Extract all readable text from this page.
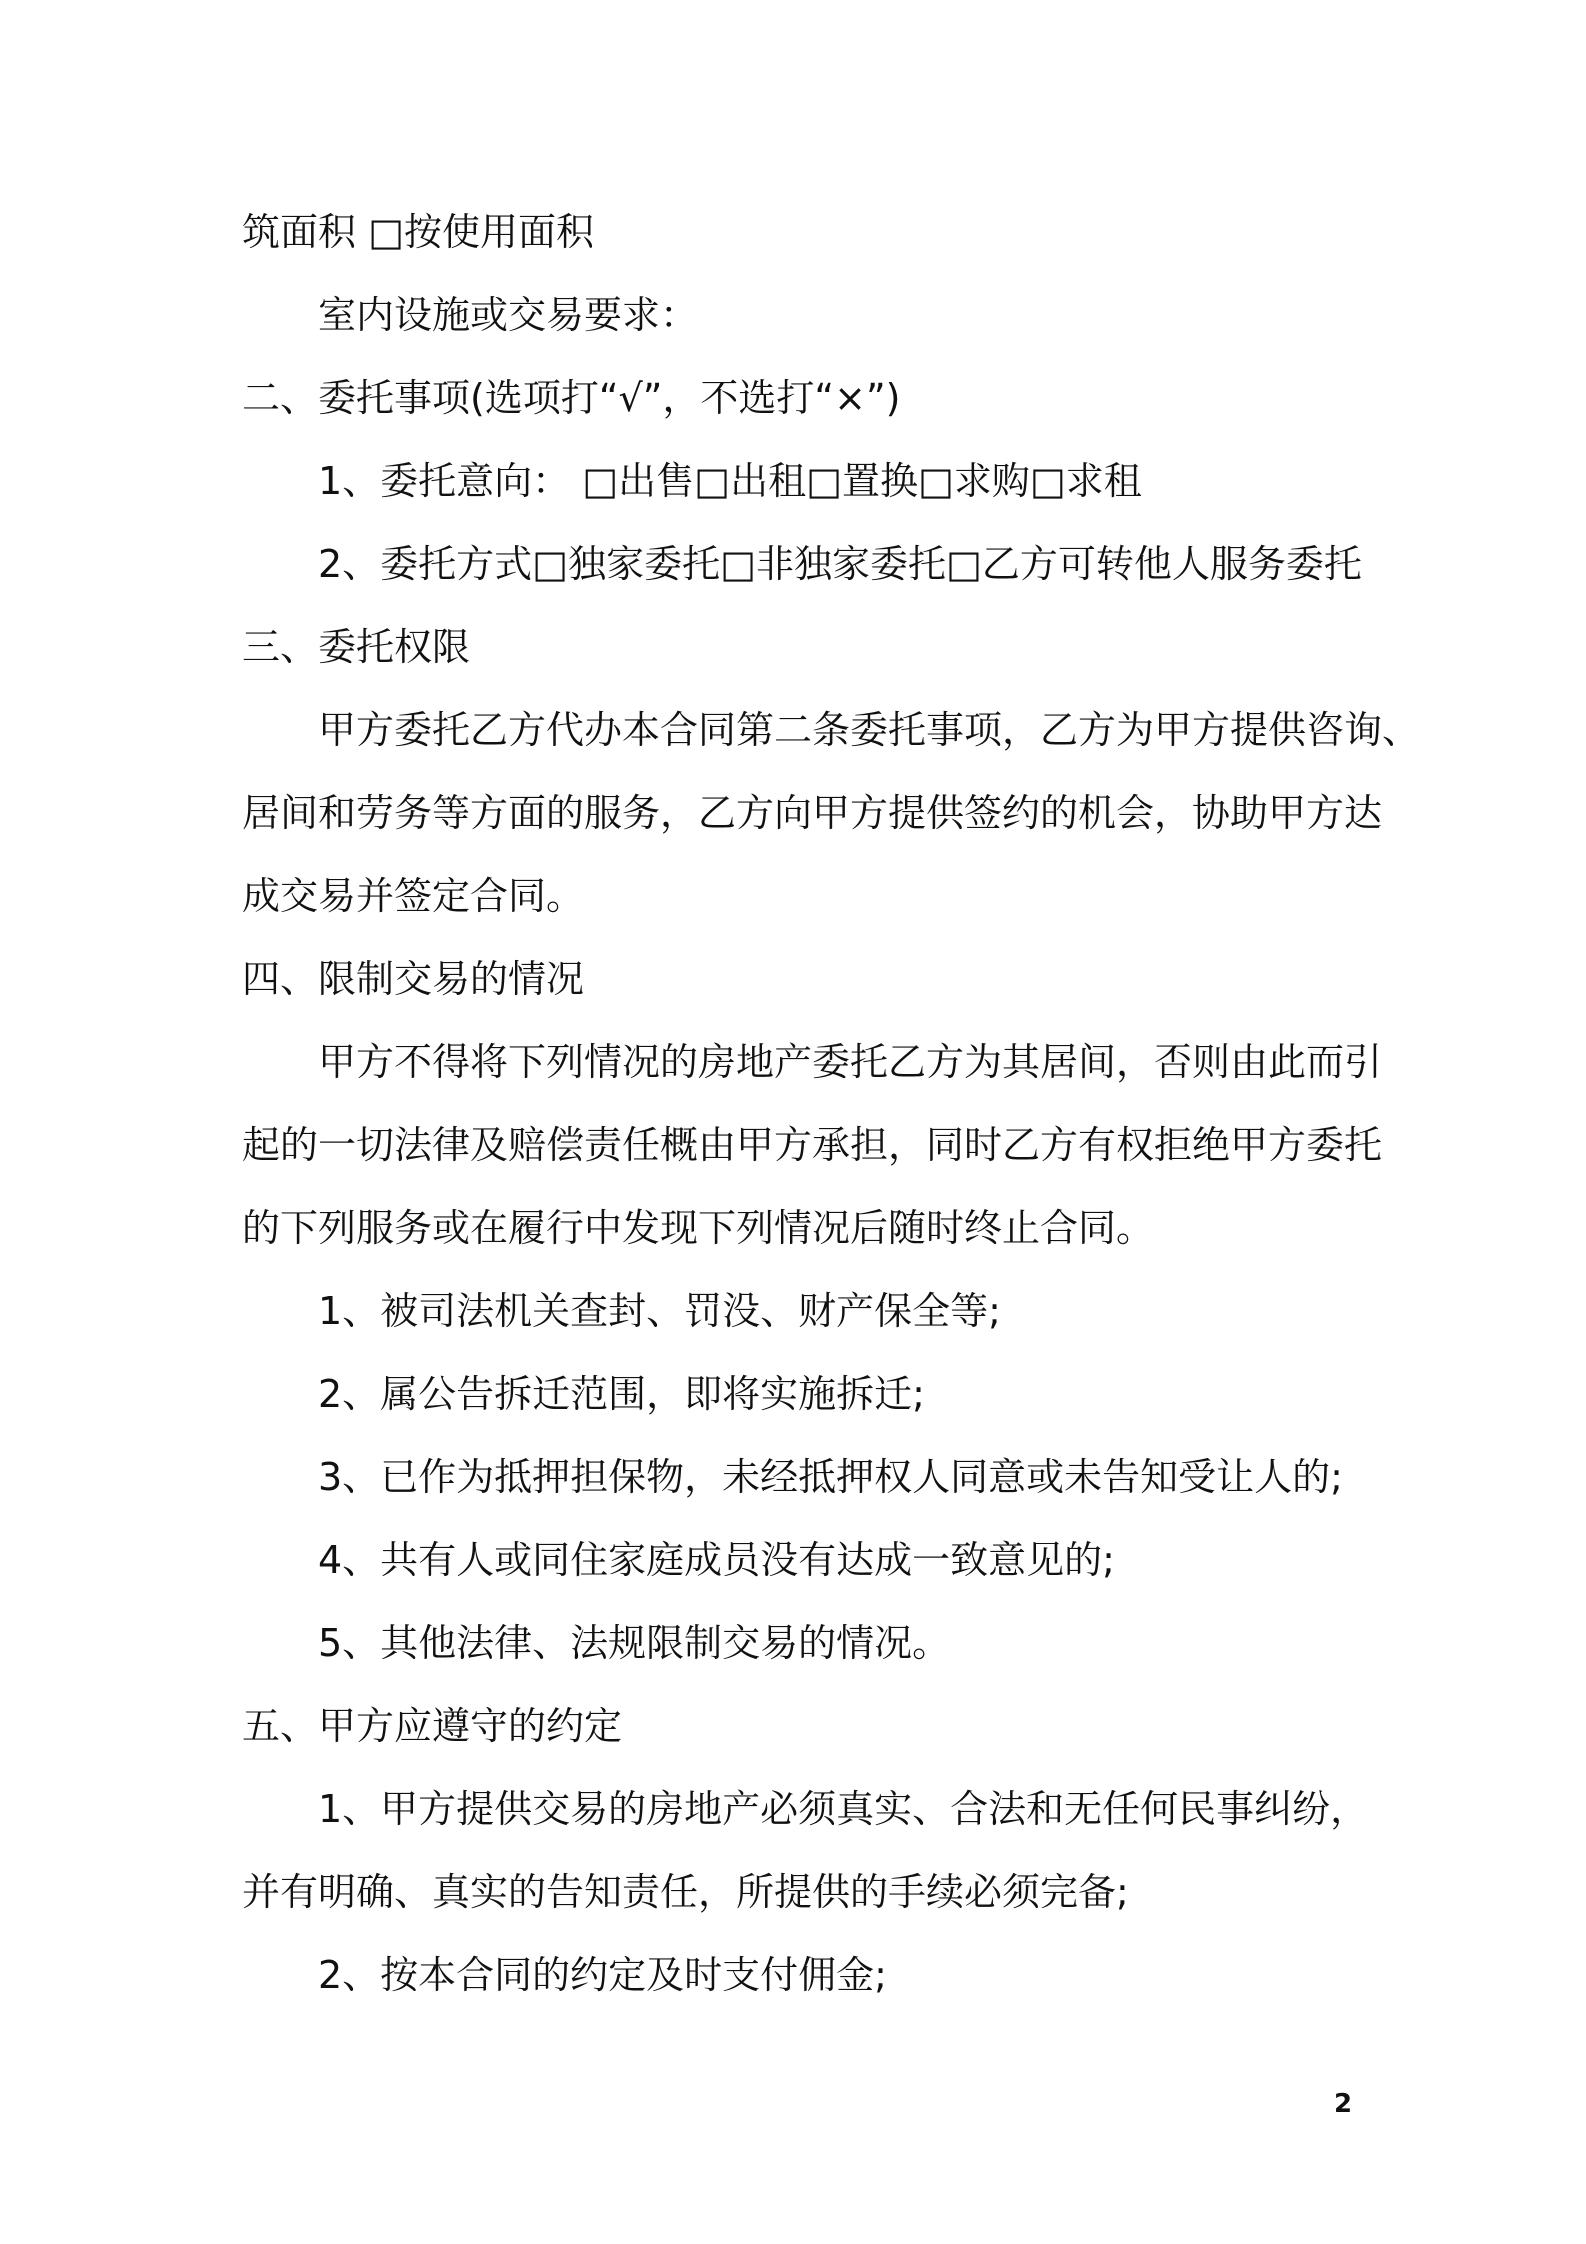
筑面积 □按使用面积

室内设施或交易要求：

二、委托事项(选项打“√”，不选打“×”)

1、委托意向： □出售□出租□置换□求购□求租

2、委托方式□独家委托□非独家委托□乙方可转他人服务委托

三、委托权限

甲方委托乙方代办本合同第二条委托事项，乙方为甲方提供咨询、

居间和劳务等方面的服务，乙方向甲方提供签约的机会，协助甲方达

成交易并签定合同。

四、限制交易的情况

甲方不得将下列情况的房地产委托乙方为其居间，否则由此而引

起的一切法律及赔偿责任概由甲方承担，同时乙方有权拒绝甲方委托

的下列服务或在履行中发现下列情况后随时终止合同。

1、被司法机关查封、罚没、财产保全等;

2、属公告拆迁范围，即将实施拆迁;

3、已作为抵押担保物，未经抵押权人同意或未告知受让人的;

4、共有人或同住家庭成员没有达成一致意见的;

5、其他法律、法规限制交易的情况。

五、甲方应遵守的约定

1、甲方提供交易的房地产必须真实、合法和无任何民事纠纷，

并有明确、真实的告知责任，所提供的手续必须完备;

2、按本合同的约定及时支付佣金;

2
